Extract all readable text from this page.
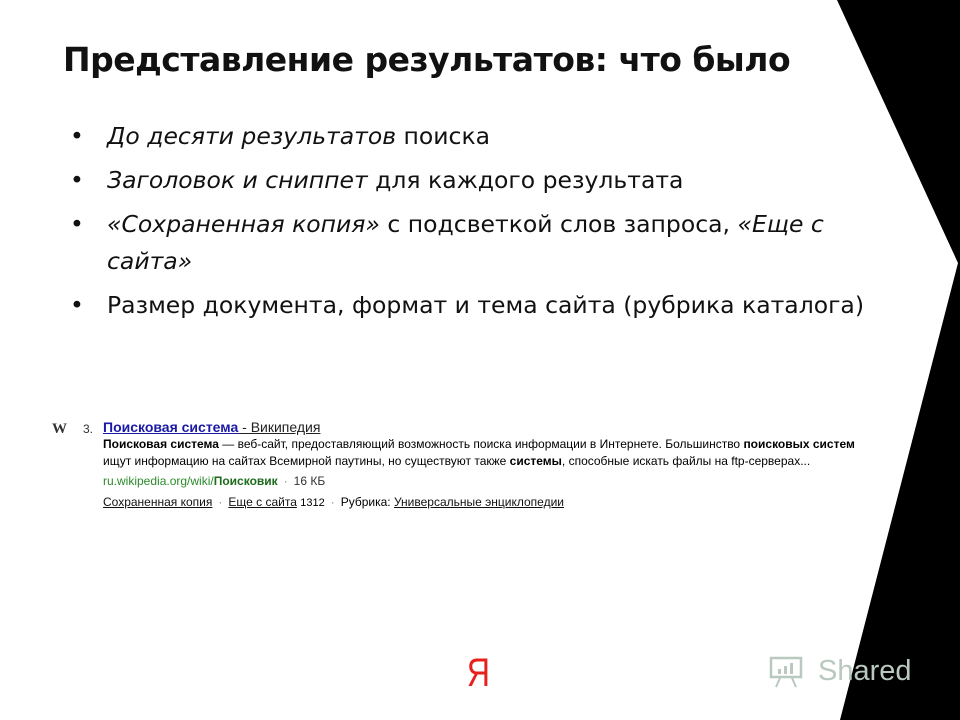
Представление результатов: что было
• До десяти результатов поиска
• Заголовок и сниппет для каждого результата
• «Сохраненная копия» с подсветкой слов запроса, «Еще с сайта»
• Размер документа, формат и тема сайта (рубрика каталога)
W 3. Поисковая система - Википедия
Поисковая система — веб-сайт, предоставляющий возможность поиска информации в Интернете. Большинство поисковых систем ищут информацию на сайтах Всемирной паутины, но существуют также системы, способные искать файлы на ftp-серверах...
ru.wikipedia.org/wiki/Поисковик · 16 КБ
Сохраненная копия · Еще с сайта 1312 · Рубрика: Универсальные энциклопедии
Я	Shared
